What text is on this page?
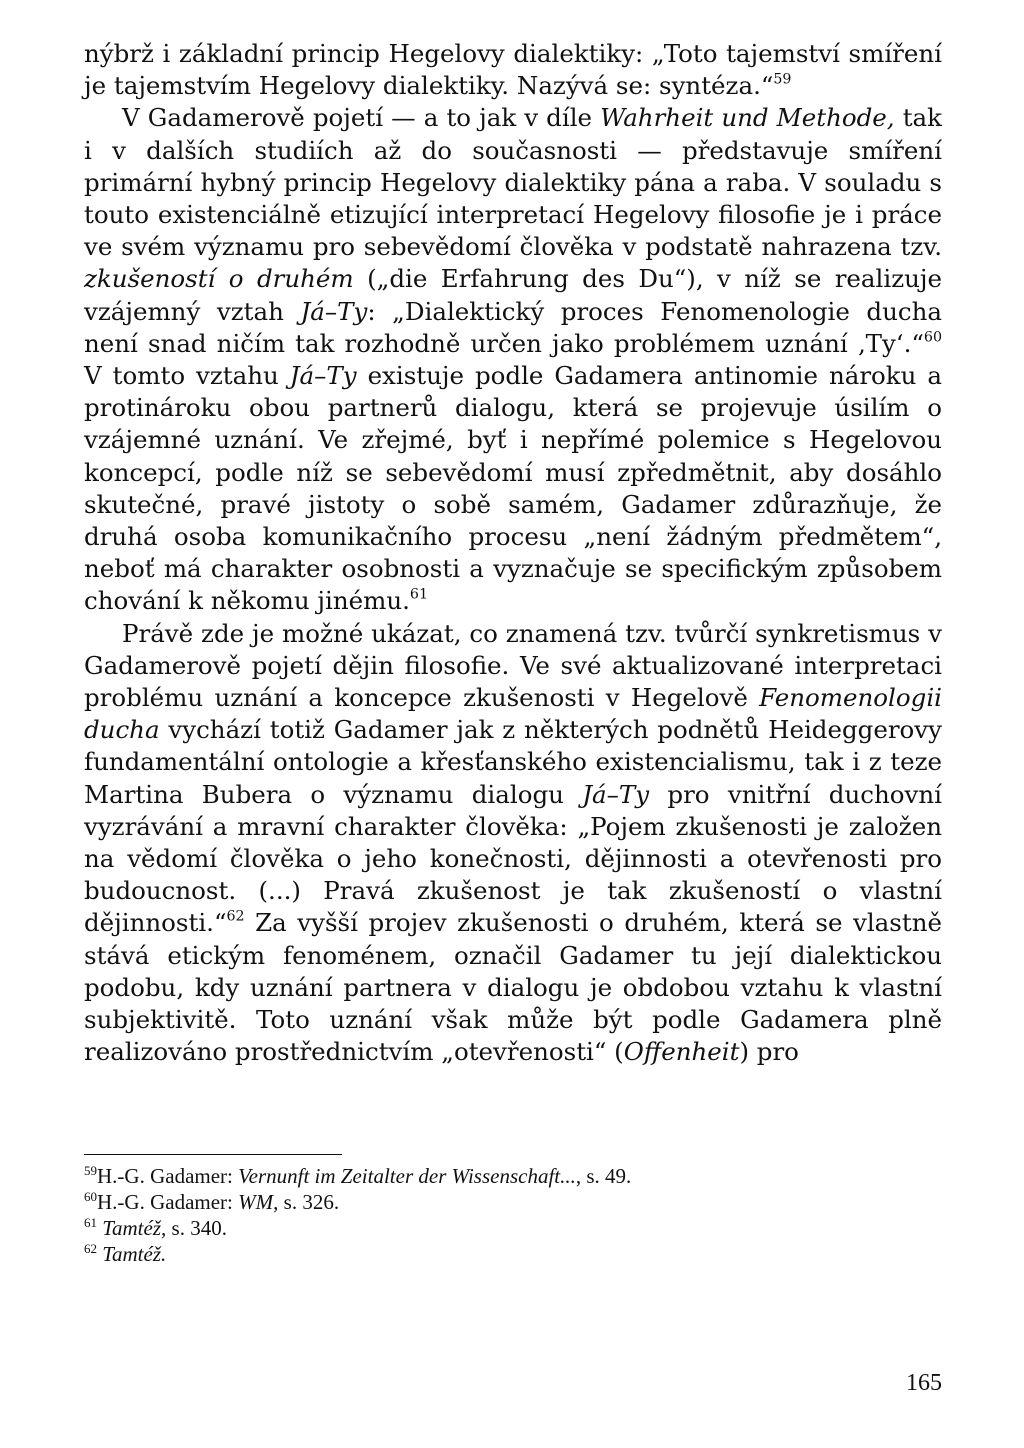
nýbrž i základní princip Hegelovy dialektiky: „Toto tajemství smíření je tajemstvím Hegelovy dialektiky. Nazývá se: syntéza.“$^{59}$
V Gadamerově pojetí — a to jak v díle Wahrheit und Methode, tak i v dalších studiích až do současnosti — představuje smíření primární hybný princip Hegelovy dialektiky pána a raba. V souladu s touto existenciálně etizující interpretací Hegelovy filosofie je i práce ve svém významu pro sebevědomí člověka v podstatě nahrazena tzv. zkušeností o druhém („die Erfahrung des Du“), v níž se realizuje vzájemný vztah Já–Ty: „Dialektický proces Fenomenologie ducha není snad ničím tak rozhodně určen jako problémem uznání ‚Ty‘.“$^{60}$ V tomto vztahu Já–Ty existuje podle Gadamera antinomie nároku a protinároku obou partnerů dialogu, která se projevuje úsilím o vzájemné uznání. Ve zřejmé, byť i nepřímé polemice s Hegelovou koncepcí, podle níž se sebevědomí musí zpředmětnit, aby dosáhlo skutečné, pravé jistoty o sobě samém, Gadamer zdůrazňuje, že druhá osoba komunikačního procesu „není žádným předmětem“, neboť má charakter osobnosti a vyznačuje se specifickým způsobem chování k někomu jinému.$^{61}$

Právě zde je možné ukázat, co znamená tzv. tvůrčí synkretismus v Gadamerově pojetí dějin filosofie. Ve své aktualizované interpretaci problému uznání a koncepce zkušenosti v Hegelově Fenomenologii ducha vychází totiž Gadamer jak z některých podnětů Heideggerovy fundamentální ontologie a křesťanského existencialismu, tak i z teze Martina Bubera o významu dialogu Já–Ty pro vnitřní duchovní vyzrávání a mravní charakter člověka: „Pojem zkušenosti je založen na vědomí člověka o jeho konečnosti, dějinnosti a otevřenosti pro budoucnost. (...) Pravá zkušenost je tak zkušeností o vlastní dějinnosti.“$^{62}$ Za vyšší projev zkušenosti o druhém, která se vlastně stává etickým fenoménem, označil Gadamer tu její dialektickou podobu, kdy uznání partnera v dialogu je obdobou vztahu k vlastní subjektivitě. Toto uznání však může být podle Gadamera plně realizováno prostřednictvím „otevřenosti“ (Offenheit) pro

$^{59}$H.-G. Gadamer: Vernunft im Zeitalter der Wissenschaft..., s. 49.

$^{60}$H.-G. Gadamer: WM, s. 326.

$^{61}$ Tamtéž, s. 340.

$^{62}$ Tamtéž.

165
